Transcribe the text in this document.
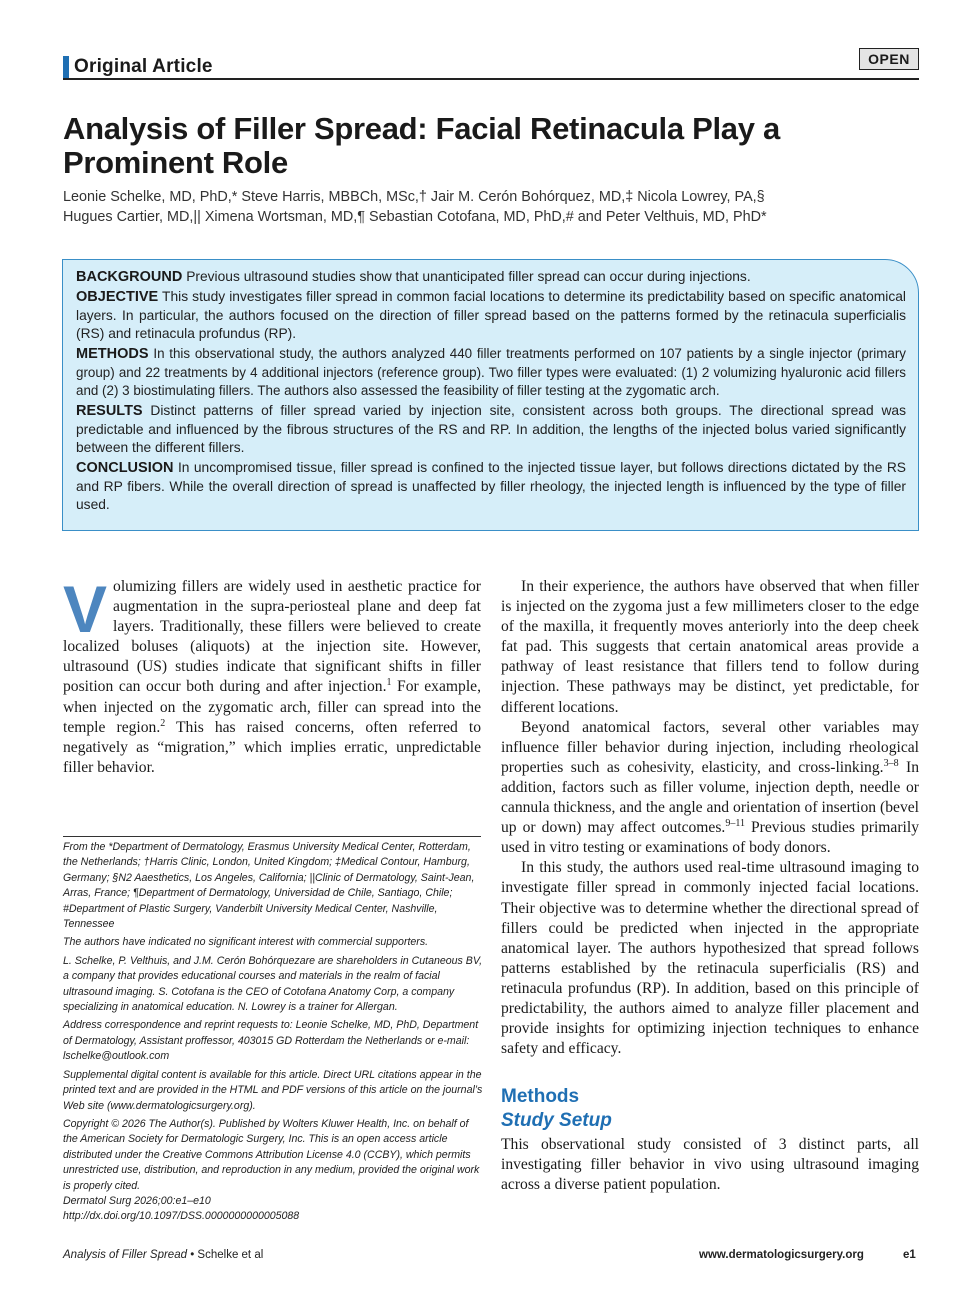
Original Article	OPEN
Analysis of Filler Spread: Facial Retinacula Play a Prominent Role
Leonie Schelke, MD, PhD,* Steve Harris, MBBCh, MSc,† Jair M. Cerón Bohórquez, MD,‡ Nicola Lowrey, PA,§
Hugues Cartier, MD,|| Ximena Wortsman, MD,¶ Sebastian Cotofana, MD, PhD,# and Peter Velthuis, MD, PhD*

BACKGROUND Previous ultrasound studies show that unanticipated filler spread can occur during injections.

OBJECTIVE This study investigates filler spread in common facial locations to determine its predictability based on specific anatomical layers. In particular, the authors focused on the direction of filler spread based on the patterns formed by the retinacula superficialis (RS) and retinacula profundus (RP).

METHODS In this observational study, the authors analyzed 440 filler treatments performed on 107 patients by a single injector (primary group) and 22 treatments by 4 additional injectors (reference group). Two filler types were evaluated: (1) 2 volumizing hyaluronic acid fillers and (2) 3 biostimulating fillers. The authors also assessed the feasibility of filler testing at the zygomatic arch.

RESULTS Distinct patterns of filler spread varied by injection site, consistent across both groups. The directional spread was predictable and influenced by the fibrous structures of the RS and RP. In addition, the lengths of the injected bolus varied significantly between the different fillers.

CONCLUSION In uncompromised tissue, filler spread is confined to the injected tissue layer, but follows directions dictated by the RS and RP fibers. While the overall direction of spread is unaffected by filler rheology, the injected length is influenced by the type of filler used.

Volumizing fillers are widely used in aesthetic practice for augmentation in the supra-periosteal plane and deep fat layers. Traditionally, these fillers were believed to create localized boluses (aliquots) at the injection site. However, ultrasound (US) studies indicate that significant shifts in filler position can occur both during and after injection.$^1$ For example, when injected on the zygomatic arch, filler can spread into the temple region.$^2$ This has raised concerns, often referred to negatively as “migration,” which implies erratic, unpredictable filler behavior.

From the *Department of Dermatology, Erasmus University Medical Center, Rotterdam, the Netherlands; †Harris Clinic, London, United Kingdom; ‡Medical Contour, Hamburg, Germany; §N2 Aaesthetics, Los Angeles, California; ||Clinic of Dermatology, Saint-Jean, Arras, France; ¶Department of Dermatology, Universidad de Chile, Santiago, Chile; #Department of Plastic Surgery, Vanderbilt University Medical Center, Nashville, Tennessee

The authors have indicated no significant interest with commercial supporters.

L. Schelke, P. Velthuis, and J.M. Cerón Bohórquezare are shareholders in Cutaneous BV, a company that provides educational courses and materials in the realm of facial ultrasound imaging. S. Cotofana is the CEO of Cotofana Anatomy Corp, a company specializing in anatomical education. N. Lowrey is a trainer for Allergan.

Address correspondence and reprint requests to: Leonie Schelke, MD, PhD, Department of Dermatology, Assistant proffessor, 403015 GD Rotterdam the Netherlands or e-mail: lschelke@outlook.com

Supplemental digital content is available for this article. Direct URL citations appear in the printed text and are provided in the HTML and PDF versions of this article on the journal’s Web site (www.dermatologicsurgery.org).

Copyright © 2026 The Author(s). Published by Wolters Kluwer Health, Inc. on behalf of the American Society for Dermatologic Surgery, Inc. This is an open access article distributed under the Creative Commons Attribution License 4.0 (CCBY), which permits unrestricted use, distribution, and reproduction in any medium, provided the original work is properly cited.
Dermatol Surg 2026;00:e1–e10
http://dx.doi.org/10.1097/DSS.0000000000005088

In their experience, the authors have observed that when filler is injected on the zygoma just a few millimeters closer to the edge of the maxilla, it frequently moves anteriorly into the deep cheek fat pad. This suggests that certain anatomical areas provide a pathway of least resistance that fillers tend to follow during injection. These pathways may be distinct, yet predictable, for different locations.

Beyond anatomical factors, several other variables may influence filler behavior during injection, including rheological properties such as cohesivity, elasticity, and cross-linking.$^{3-8}$ In addition, factors such as filler volume, injection depth, needle or cannula thickness, and the angle and orientation of insertion (bevel up or down) may affect outcomes.$^{9-11}$ Previous studies primarily used in vitro testing or examinations of body donors.

In this study, the authors used real-time ultrasound imaging to investigate filler spread in commonly injected facial locations. Their objective was to determine whether the directional spread of fillers could be predicted when injected in the appropriate anatomical layer. The authors hypothesized that spread follows patterns established by the retinacula superficialis (RS) and retinacula profundus (RP). In addition, based on this principle of predictability, the authors aimed to analyze filler placement and provide insights for optimizing injection techniques to enhance safety and efficacy.

Methods
Study Setup

This observational study consisted of 3 distinct parts, all investigating filler behavior in vivo using ultrasound imaging across a diverse patient population.

Analysis of Filler Spread • Schelke et al	www.dermatologicsurgery.org	e1
